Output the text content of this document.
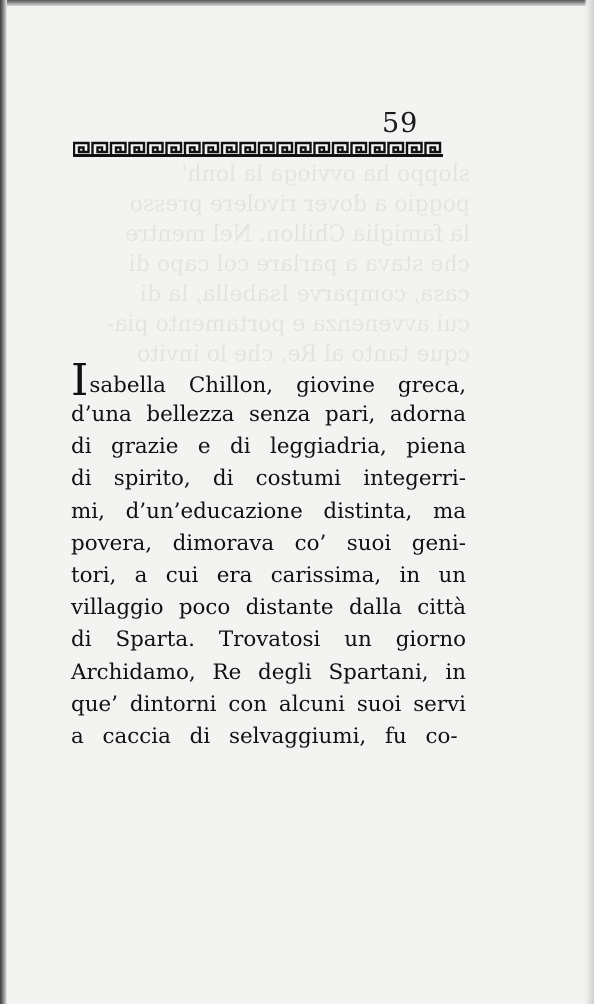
sloppo ha ovvioga la lonh'
poggio a dover rivolere presso
la famiglia Chillon. Nel mentre
che stava a parlare col capo di
casa, comparve Isabella, la di
cui avvenenza e portamento pia-
cque tanto al Re, che lo invito
59
Isabella Chillon, giovine greca,
d’una bellezza senza pari, adorna
di grazie e di leggiadria, piena
di spirito, di costumi integerri-
mi, d’un’educazione distinta, ma
povera, dimorava co’ suoi geni-
tori, a cui era carissima, in un
villaggio poco distante dalla città
di Sparta. Trovatosi un giorno
Archidamo, Re degli Spartani, in
que’ dintorni con alcuni suoi servi
a caccia di selvaggiumi, fu co-
